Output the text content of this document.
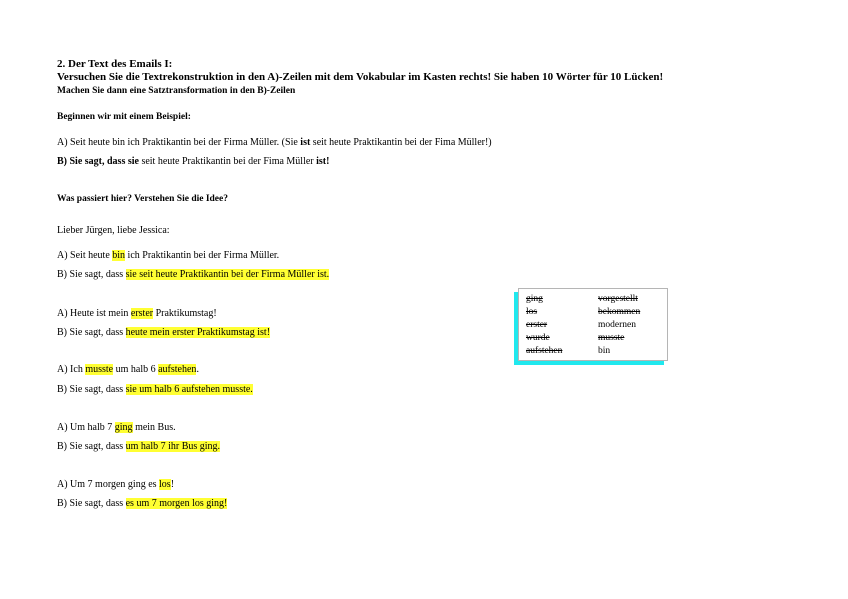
2. Der Text des Emails I:
Versuchen Sie die Textrekonstruktion in den A)-Zeilen mit dem Vokabular im Kasten rechts! Sie haben 10 Wörter für 10 Lücken!
Machen Sie dann eine Satztransformation in den B)-Zeilen
Beginnen wir mit einem Beispiel:
A) Seit heute bin ich Praktikantin bei der Firma Müller. (Sie ist seit heute Praktikantin bei der Fima Müller!)
B) Sie sagt, dass sie seit heute Praktikantin bei der Fima Müller ist!
Was passiert hier? Verstehen Sie die Idee?
Lieber Jürgen, liebe Jessica:
A) Seit heute bin ich Praktikantin bei der Firma Müller.
B) Sie sagt, dass sie seit heute Praktikantin bei der Firma Müller ist.
A) Heute ist mein erster Praktikumstag!
B) Sie sagt, dass heute mein erster Praktikumstag ist!
A) Ich musste um halb 6 aufstehen.
B) Sie sagt, dass sie um halb 6 aufstehen musste.
A) Um halb 7 ging mein Bus.
B) Sie sagt, dass um halb 7 ihr Bus ging.
A) Um 7 morgen ging es los!
B) Sie sagt, dass es um 7 morgen los ging!
ging
los
erster
wurde
aufstehen
vorgestellt
bekommen
modernen
musste
bin
